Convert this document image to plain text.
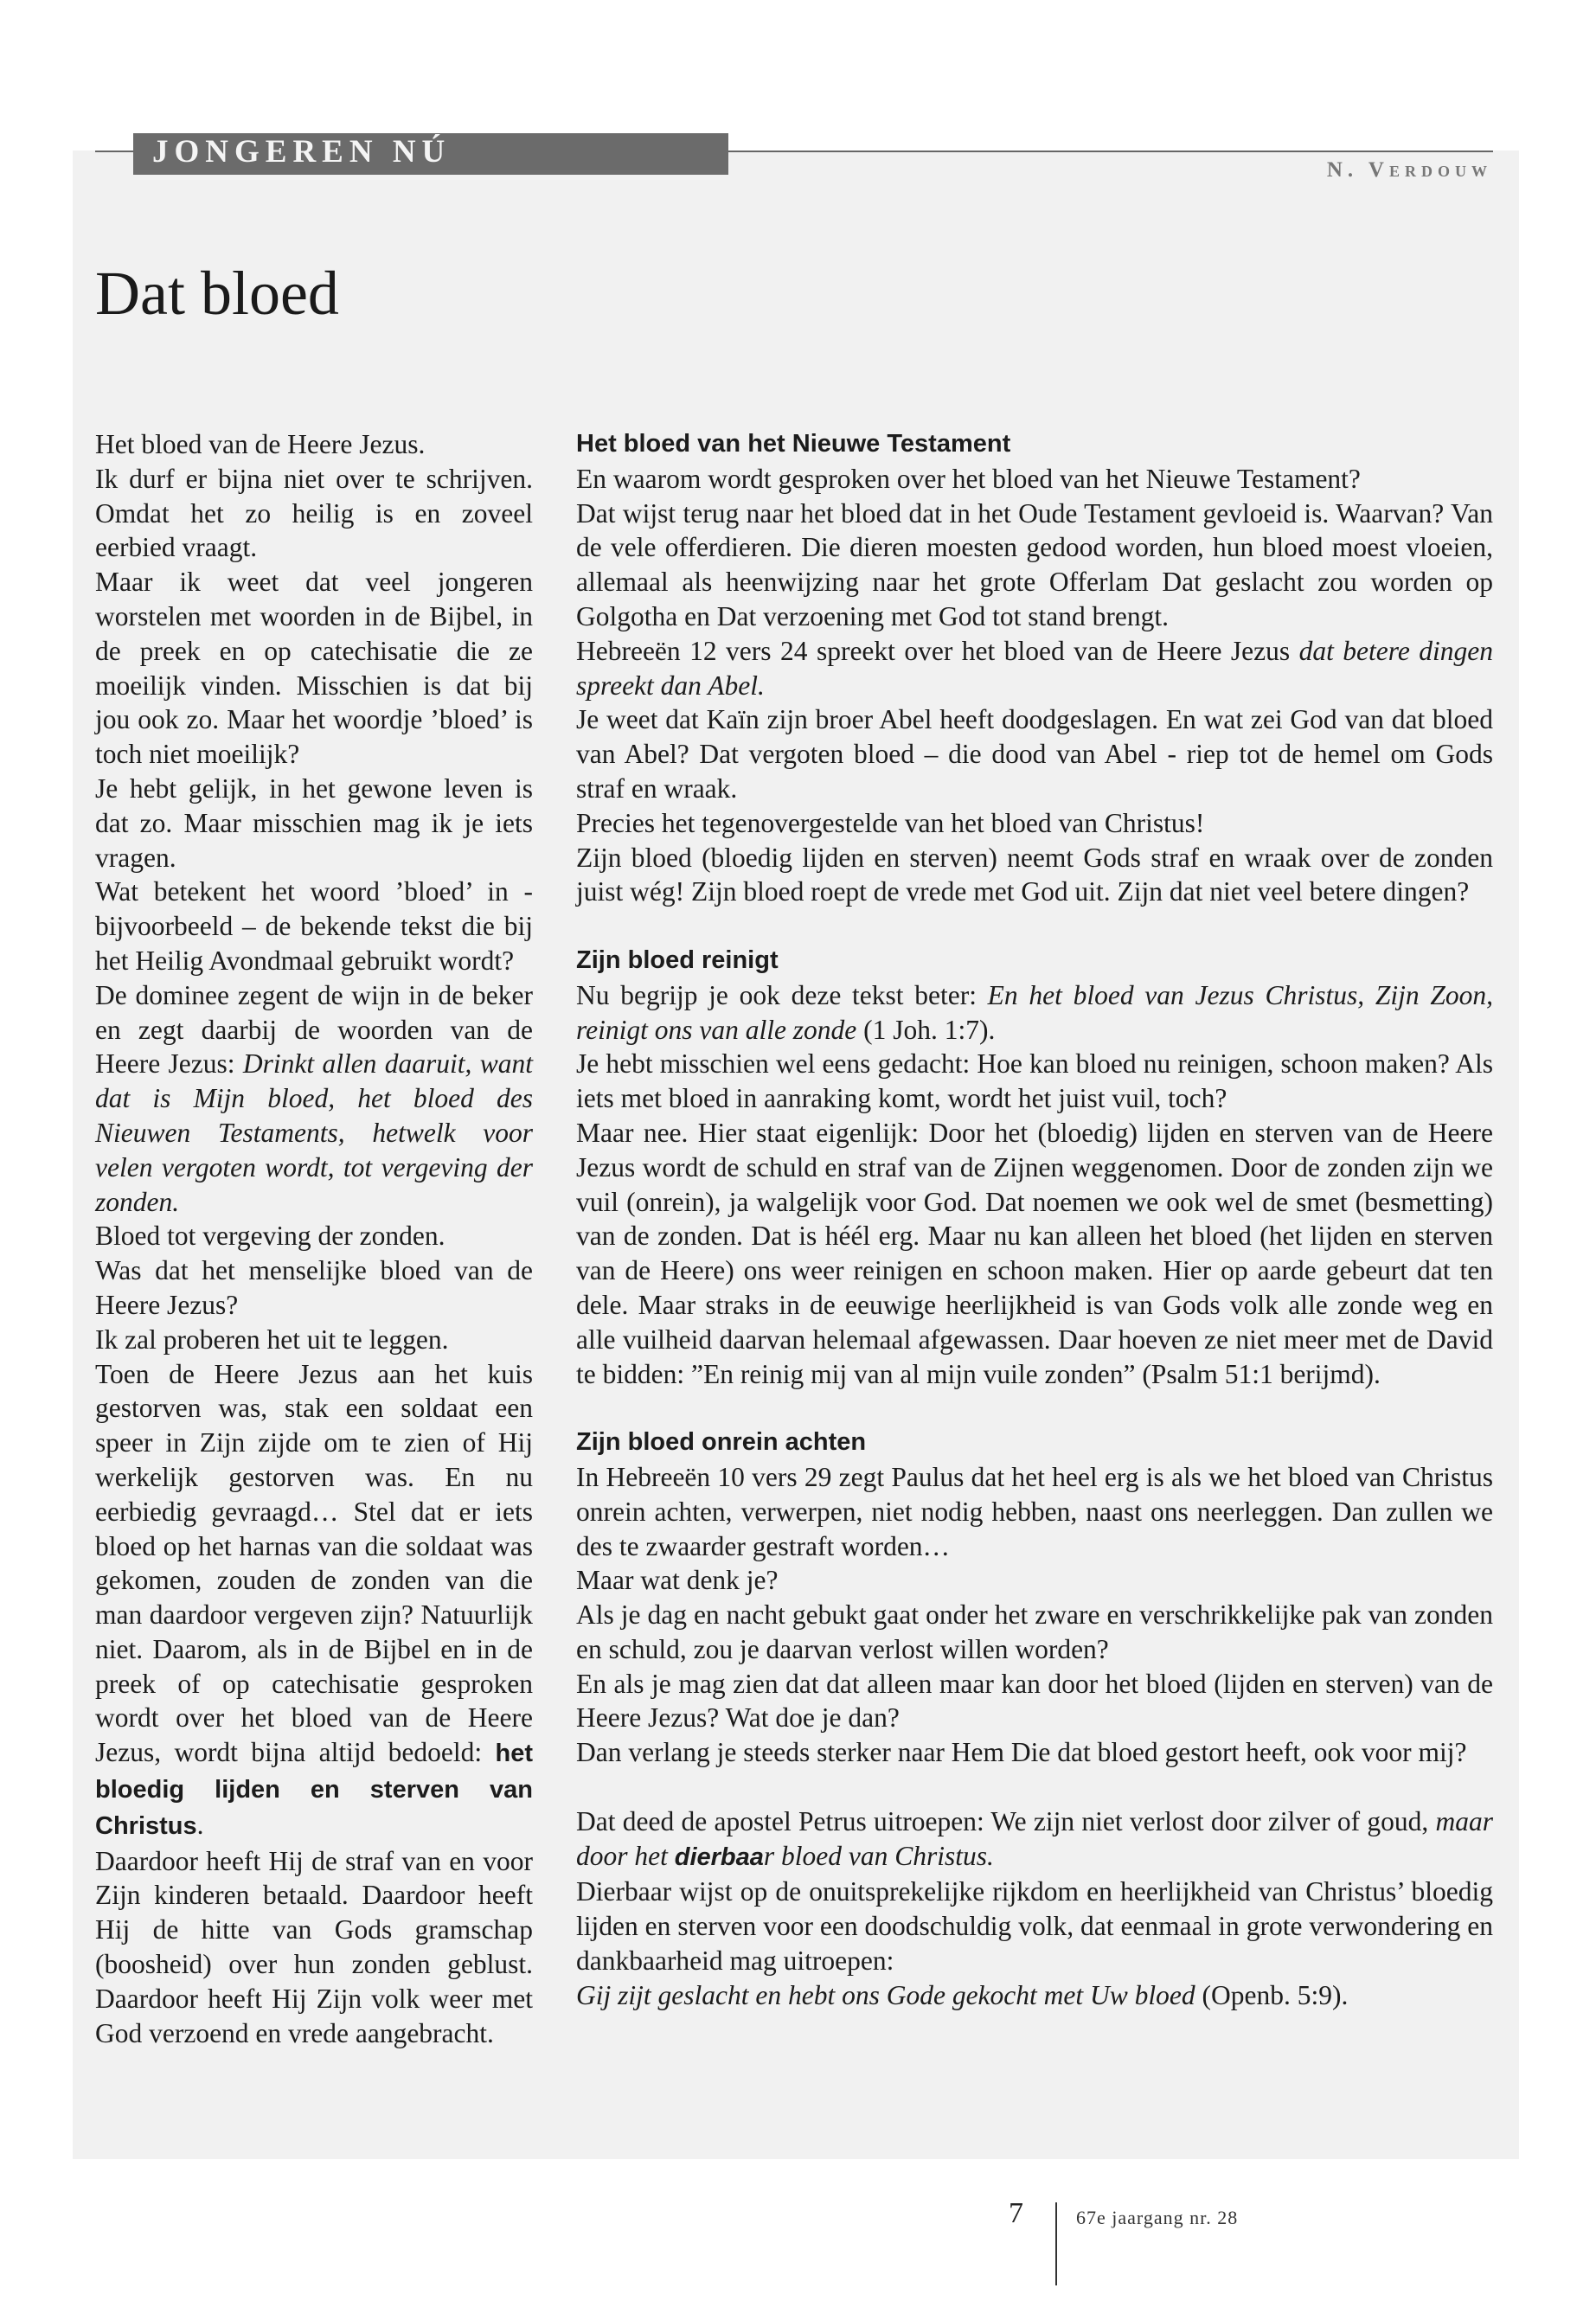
JONGEREN NÚ
N. Verdouw
Dat bloed

Het bloed van de Heere Jezus.

Ik durf er bijna niet over te schrijven. Omdat het zo heilig is en zoveel eerbied vraagt.

Maar ik weet dat veel jongeren worstelen met woorden in de Bijbel, in de preek en op catechisatie die ze moeilijk vinden. Misschien is dat bij jou ook zo. Maar het woordje ’bloed’ is toch niet moeilijk?

Je hebt gelijk, in het gewone leven is dat zo. Maar misschien mag ik je iets vragen.

Wat betekent het woord ’bloed’ in - bijvoorbeeld – de bekende tekst die bij het Heilig Avondmaal gebruikt wordt?

De dominee zegent de wijn in de beker en zegt daarbij de woorden van de Heere Jezus: Drinkt allen daaruit, want dat is Mijn bloed, het bloed des Nieuwen Testaments, hetwelk voor velen vergoten wordt, tot vergeving der zonden.

Bloed tot vergeving der zonden.

Was dat het menselijke bloed van de Heere Jezus?

Ik zal proberen het uit te leggen.

Toen de Heere Jezus aan het kuis gestorven was, stak een soldaat een speer in Zijn zijde om te zien of Hij werkelijk gestorven was. En nu eerbiedig gevraagd… Stel dat er iets bloed op het harnas van die soldaat was gekomen, zouden de zonden van die man daardoor vergeven zijn? Natuurlijk niet. Daarom, als in de Bijbel en in de preek of op catechisatie gesproken wordt over het bloed van de Heere Jezus, wordt bijna altijd bedoeld: het bloedig lijden en sterven van Christus.

Daardoor heeft Hij de straf van en voor Zijn kinderen betaald. Daardoor heeft Hij de hitte van Gods gramschap (boosheid) over hun zonden geblust. Daardoor heeft Hij Zijn volk weer met God verzoend en vrede aangebracht.

Het bloed van het Nieuwe Testament

En waarom wordt gesproken over het bloed van het Nieuwe Testament?

Dat wijst terug naar het bloed dat in het Oude Testament gevloeid is. Waarvan? Van de vele offerdieren. Die dieren moesten gedood worden, hun bloed moest vloeien, allemaal als heenwijzing naar het grote Offerlam Dat geslacht zou worden op Golgotha en Dat verzoening met God tot stand brengt.

Hebreeën 12 vers 24 spreekt over het bloed van de Heere Jezus dat betere dingen spreekt dan Abel.

Je weet dat Kaïn zijn broer Abel heeft doodgeslagen. En wat zei God van dat bloed van Abel? Dat vergoten bloed – die dood van Abel - riep tot de hemel om Gods straf en wraak.

Precies het tegenovergestelde van het bloed van Christus!

Zijn bloed (bloedig lijden en sterven) neemt Gods straf en wraak over de zonden juist wég! Zijn bloed roept de vrede met God uit. Zijn dat niet veel betere dingen?

Zijn bloed reinigt

Nu begrijp je ook deze tekst beter: En het bloed van Jezus Christus, Zijn Zoon, reinigt ons van alle zonde (1 Joh. 1:7).

Je hebt misschien wel eens gedacht: Hoe kan bloed nu reinigen, schoon maken? Als iets met bloed in aanraking komt, wordt het juist vuil, toch?

Maar nee. Hier staat eigenlijk: Door het (bloedig) lijden en sterven van de Heere Jezus wordt de schuld en straf van de Zijnen weggenomen. Door de zonden zijn we vuil (onrein), ja walgelijk voor God. Dat noemen we ook wel de smet (besmetting) van de zonden. Dat is héél erg. Maar nu kan alleen het bloed (het lijden en sterven van de Heere) ons weer reinigen en schoon maken. Hier op aarde gebeurt dat ten dele. Maar straks in de eeuwige heerlijkheid is van Gods volk alle zonde weg en alle vuilheid daarvan helemaal afgewassen. Daar hoeven ze niet meer met de David te bidden: ”En reinig mij van al mijn vuile zonden” (Psalm 51:1 berijmd).

Zijn bloed onrein achten

In Hebreeën 10 vers 29 zegt Paulus dat het heel erg is als we het bloed van Christus onrein achten, verwerpen, niet nodig hebben, naast ons neerleggen. Dan zullen we des te zwaarder gestraft worden…

Maar wat denk je?

Als je dag en nacht gebukt gaat onder het zware en verschrikkelijke pak van zonden en schuld, zou je daarvan verlost willen worden?

En als je mag zien dat dat alleen maar kan door het bloed (lijden en sterven) van de Heere Jezus? Wat doe je dan?

Dan verlang je steeds sterker naar Hem Die dat bloed gestort heeft, ook voor mij?

Dat deed de apostel Petrus uitroepen: We zijn niet verlost door zilver of goud, maar door het dierbaar bloed van Christus.

Dierbaar wijst op de onuitsprekelijke rijkdom en heerlijkheid van Christus’ bloedig lijden en sterven voor een doodschuldig volk, dat eenmaal in grote verwondering en dankbaarheid mag uitroepen:

Gij zijt geslacht en hebt ons Gode gekocht met Uw bloed (Openb. 5:9).

7	67e jaargang nr. 28
